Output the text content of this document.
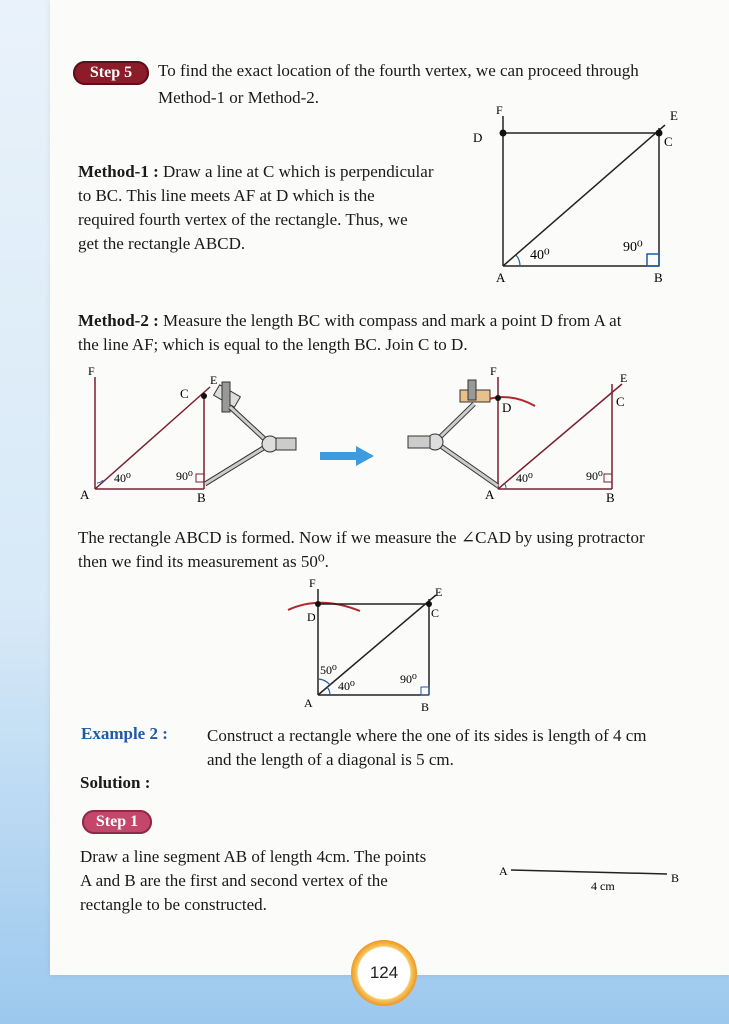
Step 5	To find the exact location of the fourth vertex, we can proceed through
Method-1 or Method-2.
Method-1 : Draw a line at C which is perpendicular
to BC. This line meets AF at D which is the
required fourth vertex of the rectangle. Thus, we
get the rectangle ABCD.
F
D
E
C
A	B
40⁰
90⁰
Method-2 : Measure the length BC with compass and mark a point D from A at
the line AF; which is equal to the length BC. Join C to D.
F
C
E
A	B
40⁰	90⁰
F
D
E
C
A	B
40⁰	90⁰
The rectangle ABCD is formed. Now if we measure the ∠CAD by using protractor
then we find its measurement as 50⁰.
F
D
E
C
A	B
50⁰
40⁰	90⁰
Example 2 : Construct a rectangle where the one of its sides is length of 4 cm
and the length of a diagonal is 5 cm.
Solution :
Step 1
Draw a line segment AB of length 4cm. The points
A and B are the first and second vertex of the
rectangle to be constructed.
A	B
4 cm
124
